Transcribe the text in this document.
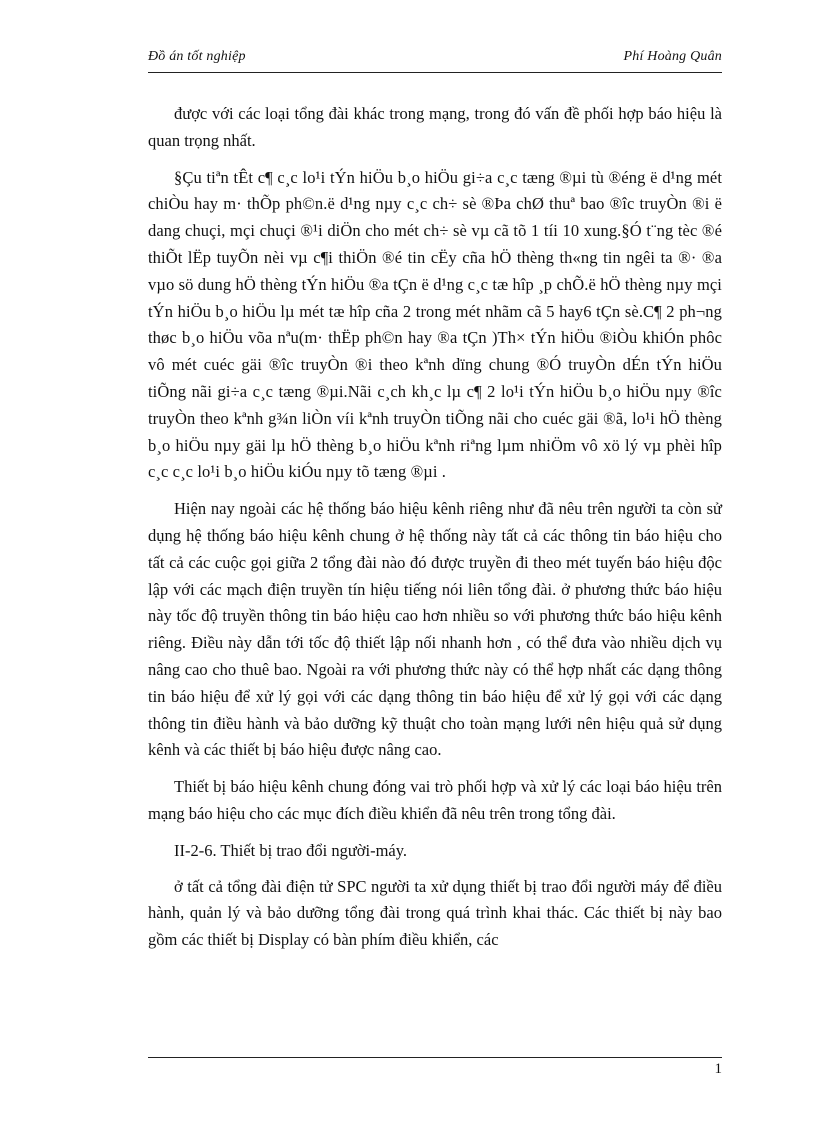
Đồ án tốt nghiệp	Phí Hoàng Quân

được với các loại tổng đài khác trong mạng, trong đó vấn đề phối hợp báo hiệu là quan trọng nhất.

§Çu tiªn tÊt c¶ c¸c lo¹i tÝn hiÖu b¸o hiÖu gi÷a c¸c tæng ®µi tù ®éng ë d¹ng mét chiÒu hay m· thÕp ph©n.ë d¹ng nµy c¸c ch÷ sè ®Þa chØ thuª bao ®îc truyÒn ®i ë dang chuçi, mçi chuçi ®¹i diÖn cho mét ch÷ sè vµ cã tõ 1 tíi 10 xung.§Ó t¨ng tèc ®é thiÕt lËp tuyÕn nèi vµ c¶i thiÖn ®é tin cËy cña hÖ thèng th«ng tin ngêi ta ®· ®a vµo sö dung hÖ thèng tÝn hiÖu ®a tÇn ë d¹ng c¸c tæ hîp ¸p chÕ.ë hÖ thèng nµy mçi tÝn hiÖu b¸o hiÖu lµ mét tæ hîp cña 2 trong mét nhãm cã 5 hay6 tÇn sè.C¶ 2 ph¬ng thøc b¸o hiÖu võa nªu(m· thËp ph©n hay ®a tÇn )Th× tÝn hiÖu ®iÒu khiÓn phôc vô mét cuéc gäi ®îc truyÒn ®i theo kªnh dïng chung ®Ó truyÒn dÉn tÝn hiÖu tiÕng nãi gi÷a c¸c tæng ®µi.Nãi c¸ch kh¸c lµ c¶ 2 lo¹i tÝn hiÖu b¸o hiÖu nµy ®îc truyÒn theo kªnh g¾n liÒn víi kªnh truyÒn tiÕng nãi cho cuéc gäi ®ã, lo¹i hÖ thèng b¸o hiÖu nµy gäi lµ hÖ thèng b¸o hiÖu kªnh riªng lµm nhiÖm vô xö lý vµ phèi hîp c¸c c¸c lo¹i b¸o hiÖu kiÓu nµy tõ tæng ®µi .

Hiện nay ngoài các hệ thống báo hiệu kênh riêng như đã nêu trên người ta còn sử dụng hệ thống báo hiệu kênh chung ở hệ thống này tất cả các thông tin báo hiệu cho tất cả các cuộc gọi giữa 2 tổng đài nào đó được truyền đi theo mét tuyến báo hiệu độc lập với các mạch điện truyền tín hiệu tiếng nói liên tổng đài. ở phương thức báo hiệu này tốc độ truyền thông tin báo hiệu cao hơn nhiều so với phương thức báo hiệu kênh riêng. Điều này dẫn tới tốc độ thiết lập nối nhanh hơn , có thể đưa vào nhiều dịch vụ nâng cao cho thuê bao. Ngoài ra với phương thức này có thể hợp nhất các dạng thông tin báo hiệu để xử lý gọi với các dạng thông tin báo hiệu để xử lý gọi với các dạng thông tin điều hành và bảo dưỡng kỹ thuật cho toàn mạng lưới nên hiệu quả sử dụng kênh và các thiết bị báo hiệu được nâng cao.

Thiết bị báo hiệu kênh chung đóng vai trò phối hợp và xử lý các loại báo hiệu trên mạng báo hiệu cho các mục đích điều khiển đã nêu trên trong tổng đài.

II-2-6. Thiết bị trao đổi người-máy.

ở tất cả tổng đài điện tử SPC người ta xử dụng thiết bị trao đổi người máy để điều hành, quản lý và bảo dưỡng tổng đài trong quá trình khai thác. Các thiết bị này bao gồm các thiết bị Display có bàn phím điều khiển, các

1
